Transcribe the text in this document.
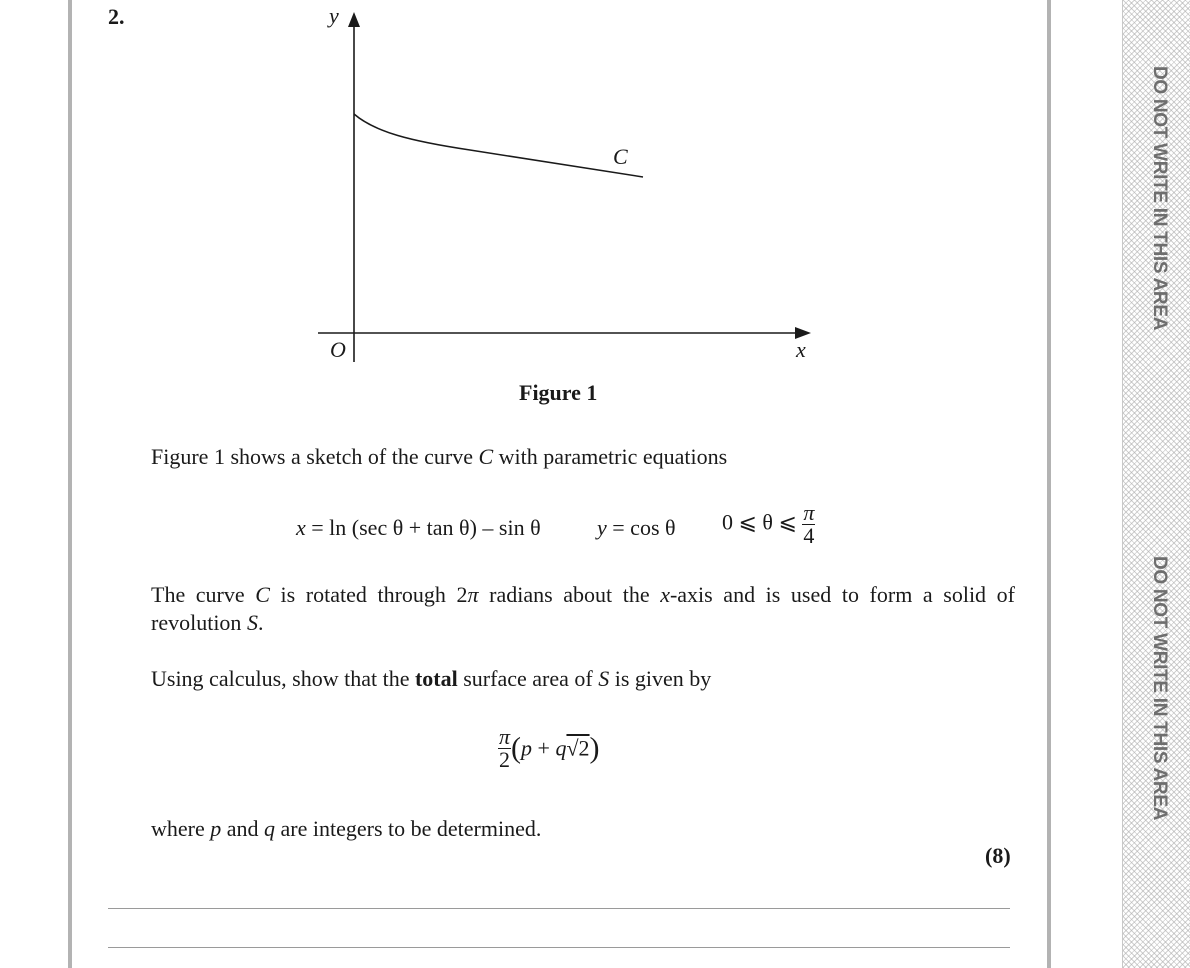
DO NOT WRITE IN THIS AREA
DO NOT WRITE IN THIS AREA
2.	y
x
O
C
Figure 1
Figure 1 shows a sketch of the curve C with parametric equations
x = ln (sec θ + tan θ) – sin θ	y = cos θ 0 ⩽ θ ⩽ $\frac{\pi}{4}$
The curve C is rotated through 2π radians about the x-axis and is used to form a solid of
revolution S.
Using calculus, show that the total surface area of S is given by
$\frac{\pi}{2} (p + q√2)$
where p and q are integers to be determined.
(8)
